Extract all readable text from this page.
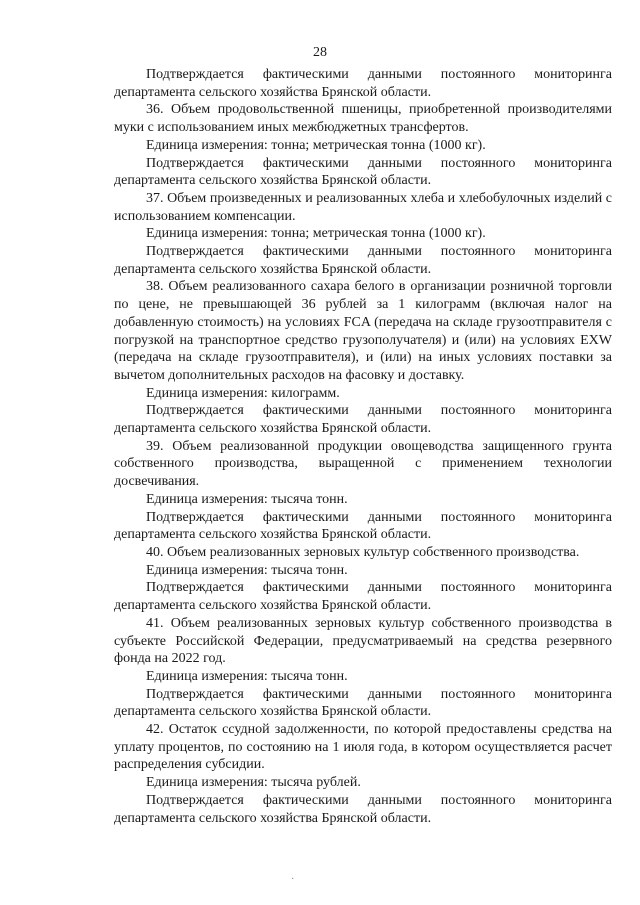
28

Подтверждается фактическими данными постоянного мониторинга департамента сельского хозяйства Брянской области.

36. Объем продовольственной пшеницы, приобретенной производителями муки с использованием иных межбюджетных трансфертов.

Единица измерения: тонна; метрическая тонна (1000 кг).

Подтверждается фактическими данными постоянного мониторинга департамента сельского хозяйства Брянской области.

37. Объем произведенных и реализованных хлеба и хлебобулочных изделий с использованием компенсации.

Единица измерения: тонна; метрическая тонна (1000 кг).

Подтверждается фактическими данными постоянного мониторинга департамента сельского хозяйства Брянской области.

38. Объем реализованного сахара белого в организации розничной торговли по цене, не превышающей 36 рублей за 1 килограмм (включая налог на добавленную стоимость) на условиях FCA (передача на складе грузоотправителя с погрузкой на транспортное средство грузополучателя) и (или) на условиях EXW (передача на складе грузоотправителя), и (или) на иных условиях поставки за вычетом дополнительных расходов на фасовку и доставку.

Единица измерения: килограмм.

Подтверждается фактическими данными постоянного мониторинга департамента сельского хозяйства Брянской области.

39. Объем реализованной продукции овощеводства защищенного грунта собственного производства, выращенной с применением технологии досвечивания.

Единица измерения: тысяча тонн.

Подтверждается фактическими данными постоянного мониторинга департамента сельского хозяйства Брянской области.

40. Объем реализованных зерновых культур собственного производства.

Единица измерения: тысяча тонн.

Подтверждается фактическими данными постоянного мониторинга департамента сельского хозяйства Брянской области.

41. Объем реализованных зерновых культур собственного производства в субъекте Российской Федерации, предусматриваемый на средства резервного фонда на 2022 год.

Единица измерения: тысяча тонн.

Подтверждается фактическими данными постоянного мониторинга департамента сельского хозяйства Брянской области.

42. Остаток ссудной задолженности, по которой предоставлены средства на уплату процентов, по состоянию на 1 июля года, в котором осуществляется расчет распределения субсидии.

Единица измерения: тысяча рублей.

Подтверждается фактическими данными постоянного мониторинга департамента сельского хозяйства Брянской области.

·
